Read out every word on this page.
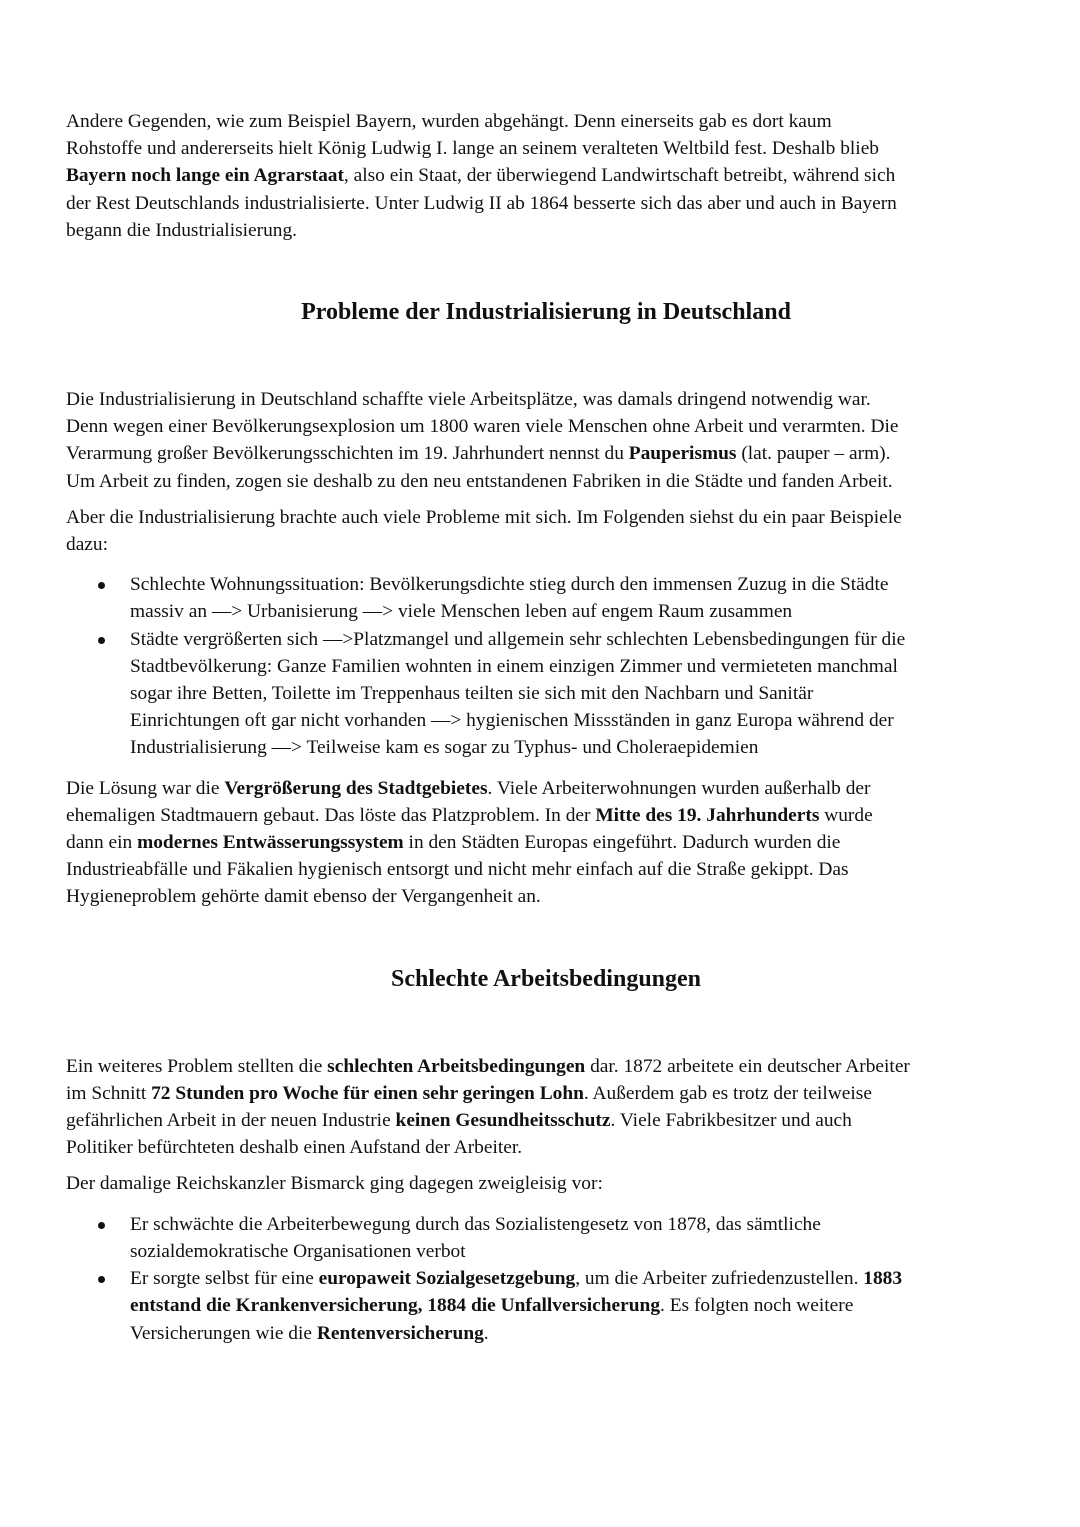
Andere Gegenden, wie zum Beispiel Bayern, wurden abgehängt. Denn einerseits gab es dort kaum
Rohstoffe und andererseits hielt König Ludwig I. lange an seinem veralteten Weltbild fest. Deshalb blieb
Bayern noch lange ein Agrarstaat, also ein Staat, der überwiegend Landwirtschaft betreibt, während sich
der Rest Deutschlands industrialisierte. Unter Ludwig II ab 1864 besserte sich das aber und auch in Bayern
begann die Industrialisierung.

Probleme der Industrialisierung in Deutschland

Die Industrialisierung in Deutschland schaffte viele Arbeitsplätze, was damals dringend notwendig war.
Denn wegen einer Bevölkerungsexplosion um 1800 waren viele Menschen ohne Arbeit und verarmten. Die
Verarmung großer Bevölkerungsschichten im 19. Jahrhundert nennst du Pauperismus (lat. pauper – arm).
Um Arbeit zu finden, zogen sie deshalb zu den neu entstandenen Fabriken in die Städte und fanden Arbeit.

Aber die Industrialisierung brachte auch viele Probleme mit sich. Im Folgenden siehst du ein paar Beispiele
dazu:

Schlechte Wohnungssituation: Bevölkerungsdichte stieg durch den immensen Zuzug in die Städte
massiv an —> Urbanisierung —> viele Menschen leben auf engem Raum zusammen
Städte vergrößerten sich —>Platzmangel und allgemein sehr schlechten Lebensbedingungen für die
Stadtbevölkerung: Ganze Familien wohnten in einem einzigen Zimmer und vermieteten manchmal
sogar ihre Betten, Toilette im Treppenhaus teilten sie sich mit den Nachbarn und Sanitär
Einrichtungen oft gar nicht vorhanden —> hygienischen Missständen in ganz Europa während der
Industrialisierung —> Teilweise kam es sogar zu Typhus- und Choleraepidemien

Die Lösung war die Vergrößerung des Stadtgebietes. Viele Arbeiterwohnungen wurden außerhalb der
ehemaligen Stadtmauern gebaut. Das löste das Platzproblem. In der Mitte des 19. Jahrhunderts wurde
dann ein modernes Entwässerungssystem in den Städten Europas eingeführt. Dadurch wurden die
Industrieabfälle und Fäkalien hygienisch entsorgt und nicht mehr einfach auf die Straße gekippt. Das
Hygieneproblem gehörte damit ebenso der Vergangenheit an.

Schlechte Arbeitsbedingungen

Ein weiteres Problem stellten die schlechten Arbeitsbedingungen dar. 1872 arbeitete ein deutscher Arbeiter
im Schnitt 72 Stunden pro Woche für einen sehr geringen Lohn. Außerdem gab es trotz der teilweise
gefährlichen Arbeit in der neuen Industrie keinen Gesundheitsschutz. Viele Fabrikbesitzer und auch
Politiker befürchteten deshalb einen Aufstand der Arbeiter.

Der damalige Reichskanzler Bismarck ging dagegen zweigleisig vor:

Er schwächte die Arbeiterbewegung durch das Sozialistengesetz von 1878, das sämtliche
sozialdemokratische Organisationen verbot
Er sorgte selbst für eine europaweit Sozialgesetzgebung, um die Arbeiter zufriedenzustellen. 1883
entstand die Krankenversicherung, 1884 die Unfallversicherung. Es folgten noch weitere
Versicherungen wie die Rentenversicherung.
